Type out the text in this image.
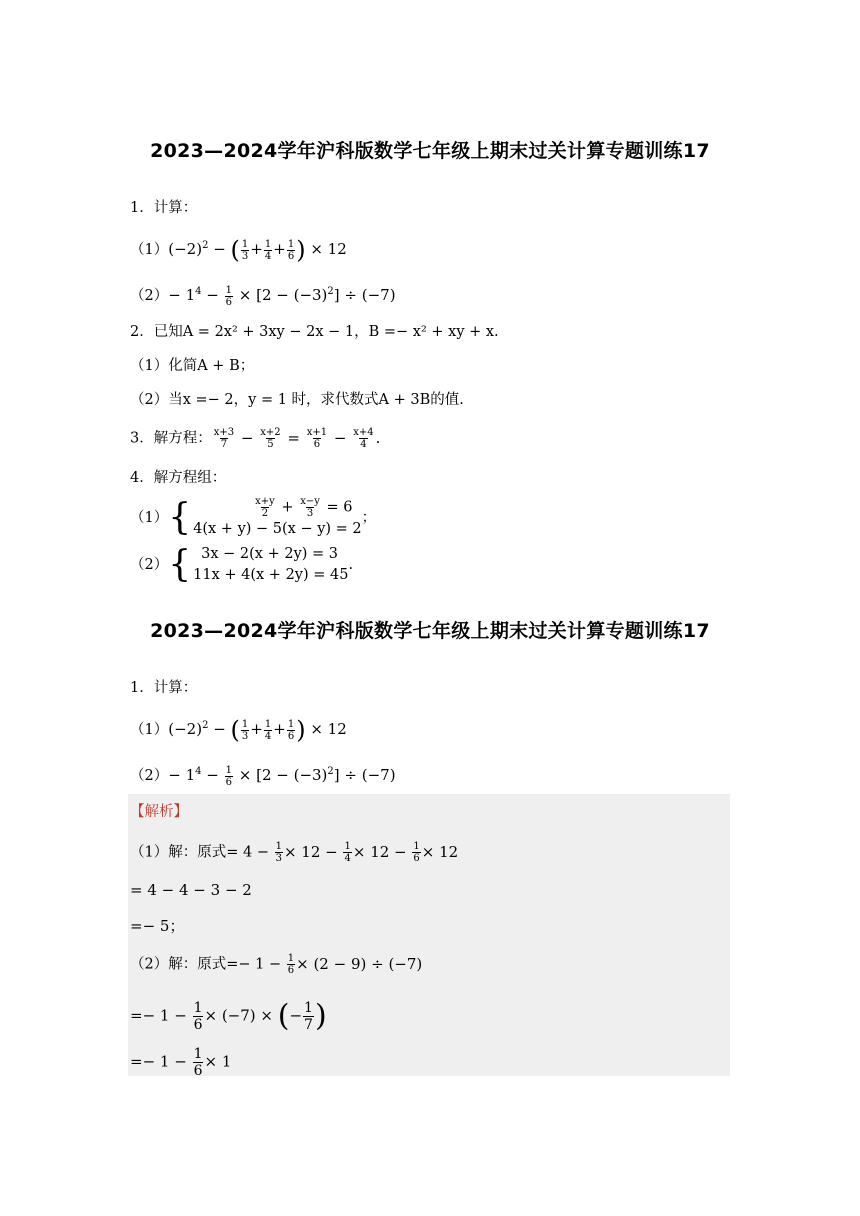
2023—2024学年沪科版数学七年级上期末过关计算专题训练17
1．计算：
$(1)(-2)^2$ − ( $\frac{1}{3} + \frac{1}{4} + \frac{1}{6}$ ) × 12
$(2)- 1^4 - \frac{1}{6} \times [2 - (-3)^2] \div (-7)$
2．已知A = 2x² + 3xy − 2x − 1，B =− x² + xy + x.
（1）化简A + B；
（2）当x =− 2，y = 1 时，求代数式A + 3B的值.
3．解方程： $\frac{x+3}{7} - \frac{x+2}{5} = \frac{x+1}{6} - \frac{x+4}{4}$ .
4．解方程组：
（1） {	$\frac{x+y}{2} + \frac{x-y}{3} = 6$
4(x + y) − 5(x − y) = 2
；
（2） { 3x − 2(x + 2y) = 3
11x + 4(x + 2y) = 45
.
2023—2024学年沪科版数学七年级上期末过关计算专题训练17
1．计算：
$(1)(-2)^2$ − ( $\frac{1}{3} + \frac{1}{4} + \frac{1}{6}$ ) × 12
$(2)- 1^4 - \frac{1}{6} \times [2 - (-3)^2] \div (-7)$
【解析】
（1）解：原式= $4 - \frac{1}{3} \times 12 - \frac{1}{4} \times 12 - \frac{1}{6} \times 12$
= 4 − 4 − 3 − 2
=− 5；
（2）解：原式=− $1 - \frac{1}{6} \times (2 - 9) \div (-7)$
=− $1 - \frac{1}{6} \times (-7)$ × (− $\frac{1}{7}$ )
=− $1 - \frac{1}{6} \times 1$
